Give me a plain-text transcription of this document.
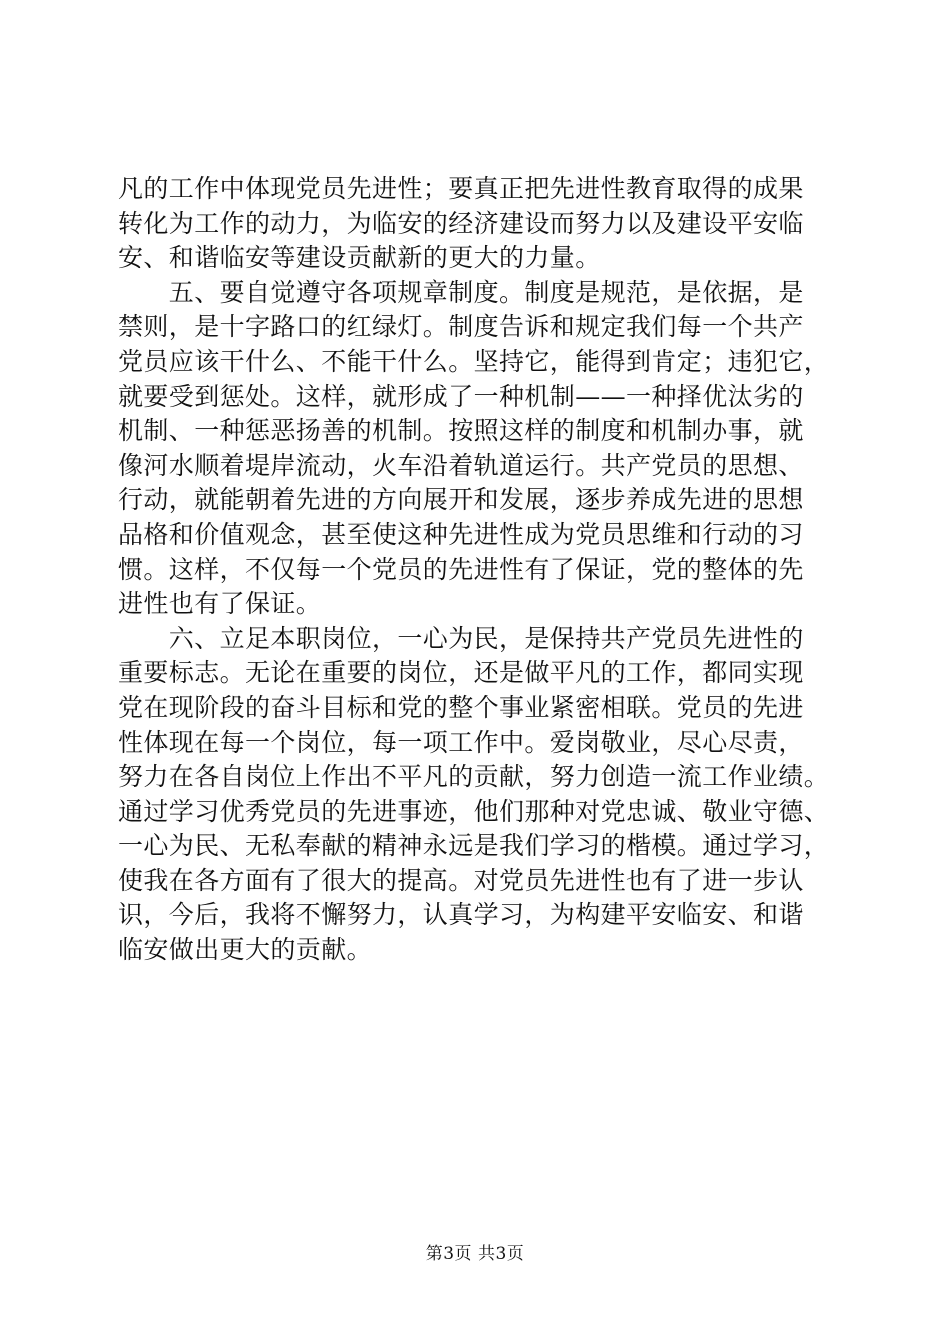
凡的工作中体现党员先进性；要真正把先进性教育取得的成果
转化为工作的动力，为临安的经济建设而努力以及建设平安临
安、和谐临安等建设贡献新的更大的力量。
　　五、要自觉遵守各项规章制度。制度是规范，是依据，是
禁则，是十字路口的红绿灯。制度告诉和规定我们每一个共产
党员应该干什么、不能干什么。坚持它，能得到肯定；违犯它，
就要受到惩处。这样，就形成了一种机制——一种择优汰劣的
机制、一种惩恶扬善的机制。按照这样的制度和机制办事，就
像河水顺着堤岸流动，火车沿着轨道运行。共产党员的思想、
行动，就能朝着先进的方向展开和发展，逐步养成先进的思想
品格和价值观念，甚至使这种先进性成为党员思维和行动的习
惯。这样，不仅每一个党员的先进性有了保证，党的整体的先
进性也有了保证。
　　六、立足本职岗位，一心为民，是保持共产党员先进性的
重要标志。无论在重要的岗位，还是做平凡的工作，都同实现
党在现阶段的奋斗目标和党的整个事业紧密相联。党员的先进
性体现在每一个岗位，每一项工作中。爱岗敬业，尽心尽责，
努力在各自岗位上作出不平凡的贡献，努力创造一流工作业绩。
通过学习优秀党员的先进事迹，他们那种对党忠诚、敬业守德、
一心为民、无私奉献的精神永远是我们学习的楷模。通过学习，
使我在各方面有了很大的提高。对党员先进性也有了进一步认
识，今后，我将不懈努力，认真学习，为构建平安临安、和谐
临安做出更大的贡献。
第3页 共3页
